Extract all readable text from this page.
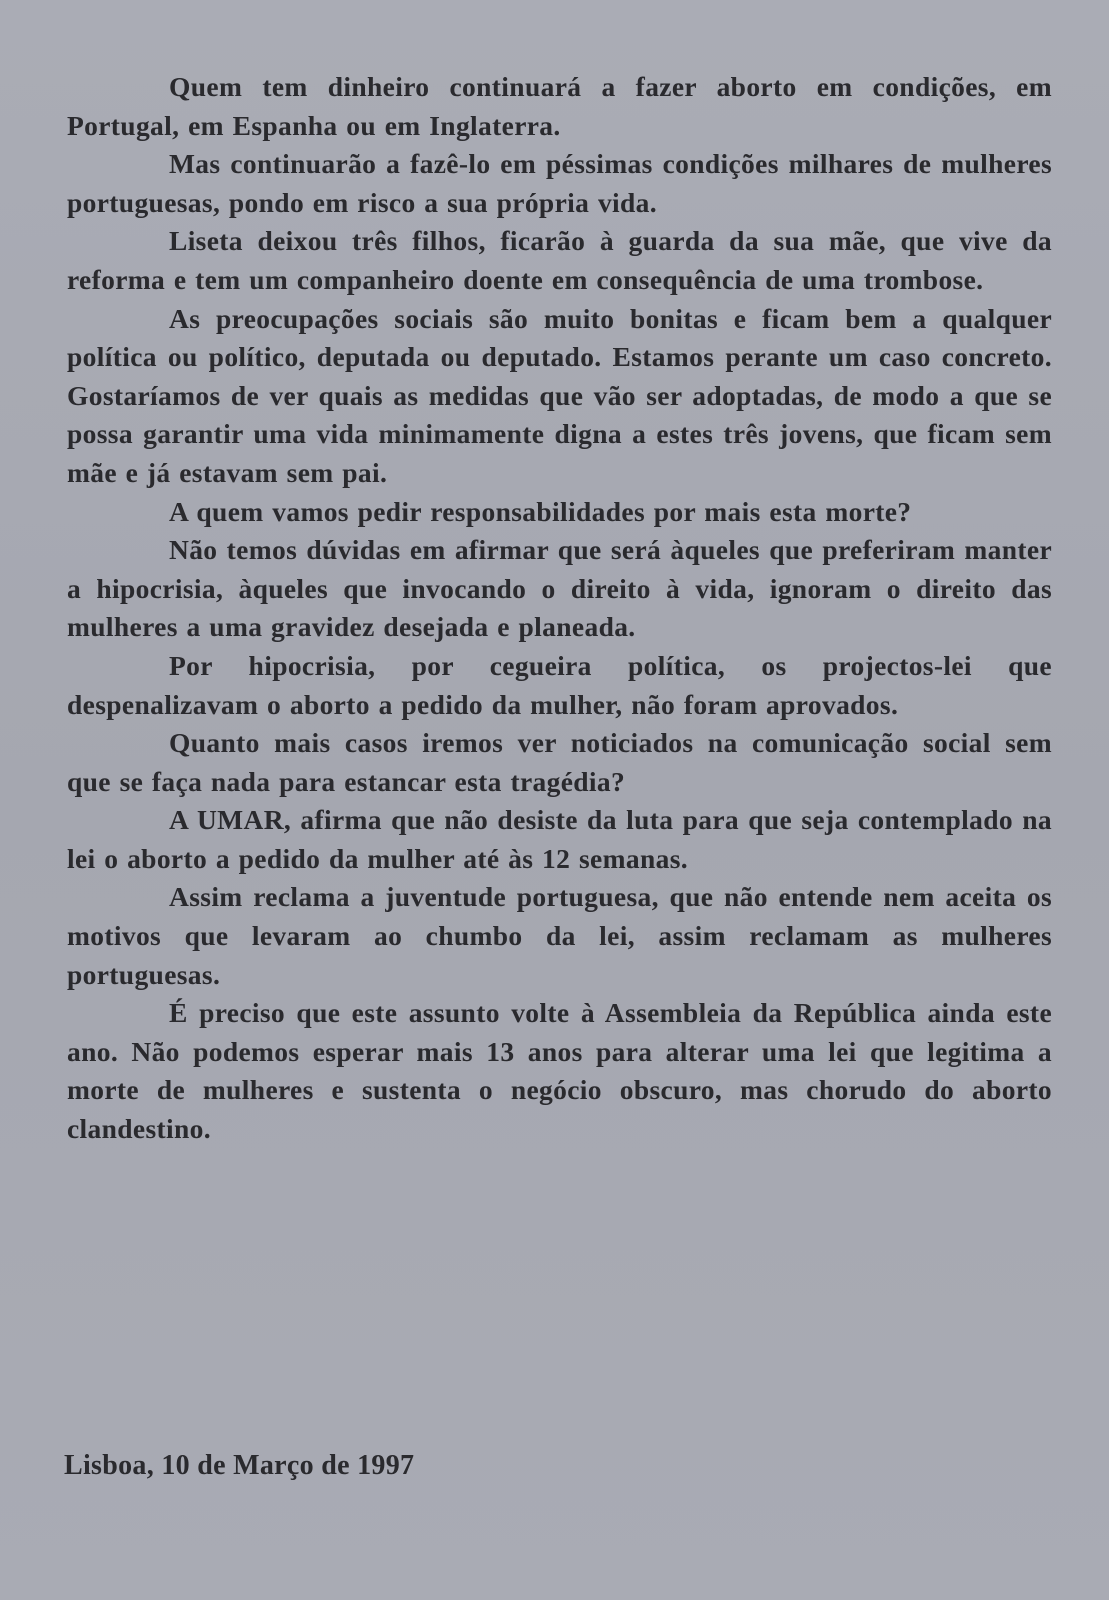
Quem tem dinheiro continuará a fazer aborto em condições, em Portugal, em Espanha ou em Inglaterra.

Mas continuarão a fazê-lo em péssimas condições milhares de mulheres portuguesas, pondo em risco a sua própria vida.

Liseta deixou três filhos, ficarão à guarda da sua mãe, que vive da reforma e tem um companheiro doente em consequência de uma trombose.

As preocupações sociais são muito bonitas e ficam bem a qualquer política ou político, deputada ou deputado. Estamos perante um caso concreto. Gostaríamos de ver quais as medidas que vão ser adoptadas, de modo a que se possa garantir uma vida minimamente digna a estes três jovens, que ficam sem mãe e já estavam sem pai.

A quem vamos pedir responsabilidades por mais esta morte?

Não temos dúvidas em afirmar que será àqueles que preferiram manter a hipocrisia, àqueles que invocando o direito à vida, ignoram o direito das mulheres a uma gravidez desejada e planeada.

Por hipocrisia, por cegueira política, os projectos-lei que despenalizavam o aborto a pedido da mulher, não foram aprovados.

Quanto mais casos iremos ver noticiados na comunicação social sem que se faça nada para estancar esta tragédia?

A UMAR, afirma que não desiste da luta para que seja contemplado na lei o aborto a pedido da mulher até às 12 semanas.

Assim reclama a juventude portuguesa, que não entende nem aceita os motivos que levaram ao chumbo da lei, assim reclamam as mulheres portuguesas.

É preciso que este assunto volte à Assembleia da República ainda este ano. Não podemos esperar mais 13 anos para alterar uma lei que legitima a morte de mulheres e sustenta o negócio obscuro, mas chorudo do aborto clandestino.

Lisboa, 10 de Março de 1997
